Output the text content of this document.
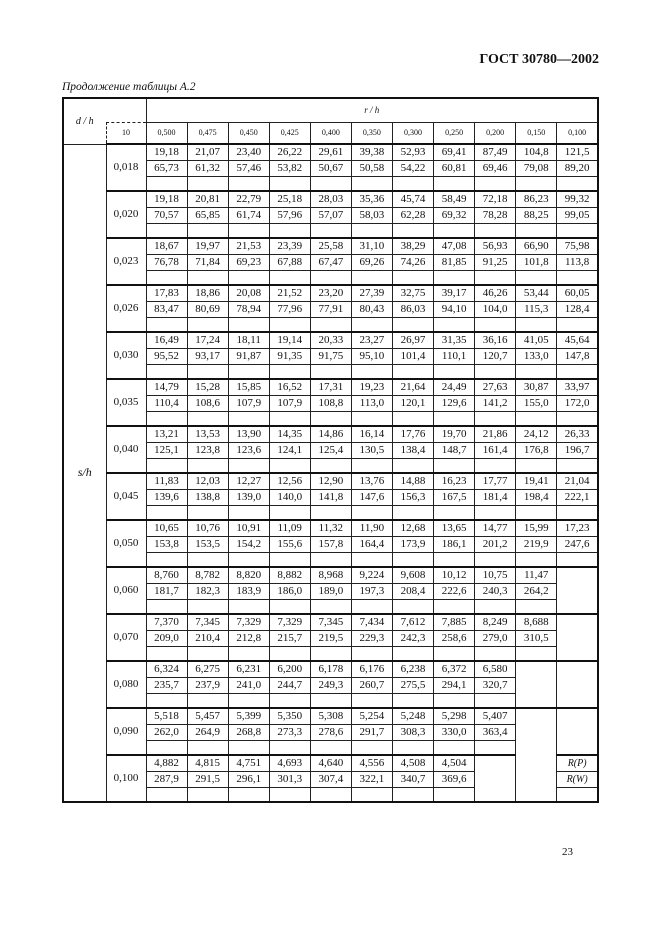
ГОСТ 30780—2002
Продолжение таблицы А.2
d / h		r / h										
	10	0,500	0,475	0,450	0,425	0,400	0,350	0,300	0,250	0,200	0,150	0,100
s/h	0,018	19,18	21,07	23,40	26,22	29,61	39,38	52,93	69,41	87,49	104,8	121,5
		65,73	61,32	57,46	53,82	50,67	50,58	54,22	60,81	69,46	79,08	89,20

	0,020	19,18	20,81	22,79	25,18	28,03	35,36	45,74	58,49	72,18	86,23	99,32
		70,57	65,85	61,74	57,96	57,07	58,03	62,28	69,32	78,28	88,25	99,05

	0,023	18,67	19,97	21,53	23,39	25,58	31,10	38,29	47,08	56,93	66,90	75,98
		76,78	71,84	69,23	67,88	67,47	69,26	74,26	81,85	91,25	101,8	113,8

	0,026	17,83	18,86	20,08	21,52	23,20	27,39	32,75	39,17	46,26	53,44	60,05
		83,47	80,69	78,94	77,96	77,91	80,43	86,03	94,10	104,0	115,3	128,4

	0,030	16,49	17,24	18,11	19,14	20,33	23,27	26,97	31,35	36,16	41,05	45,64
		95,52	93,17	91,87	91,35	91,75	95,10	101,4	110,1	120,7	133,0	147,8

	0,035	14,79	15,28	15,85	16,52	17,31	19,23	21,64	24,49	27,63	30,87	33,97
		110,4	108,6	107,9	107,9	108,8	113,0	120,1	129,6	141,2	155,0	172,0

	0,040	13,21	13,53	13,90	14,35	14,86	16,14	17,76	19,70	21,86	24,12	26,33
		125,1	123,8	123,6	124,1	125,4	130,5	138,4	148,7	161,4	176,8	196,7

	0,045	11,83	12,03	12,27	12,56	12,90	13,76	14,88	16,23	17,77	19,41	21,04
		139,6	138,8	139,0	140,0	141,8	147,6	156,3	167,5	181,4	198,4	222,1

	0,050	10,65	10,76	10,91	11,09	11,32	11,90	12,68	13,65	14,77	15,99	17,23
		153,8	153,5	154,2	155,6	157,8	164,4	173,9	186,1	201,2	219,9	247,6

	0,060	8,760	8,782	8,820	8,882	8,968	9,224	9,608	10,12	10,75	11,47	
		181,7	182,3	183,9	186,0	189,0	197,3	208,4	222,6	240,3	264,2	

	0,070	7,370	7,345	7,329	7,329	7,345	7,434	7,612	7,885	8,249	8,688	
		209,0	210,4	212,8	215,7	219,5	229,3	242,3	258,6	279,0	310,5	

	0,080	6,324	6,275	6,231	6,200	6,178	6,176	6,238	6,372	6,580		
		235,7	237,9	241,0	244,7	249,3	260,7	275,5	294,1	320,7		

	0,090	5,518	5,457	5,399	5,350	5,308	5,254	5,248	5,298	5,407		
		262,0	264,9	268,8	273,3	278,6	291,7	308,3	330,0	363,4		

	0,100	4,882	4,815	4,751	4,693	4,640	4,556	4,508	4,504			R(P)
		287,9	291,5	296,1	301,3	307,4	322,1	340,7	369,6			R(W)

23
